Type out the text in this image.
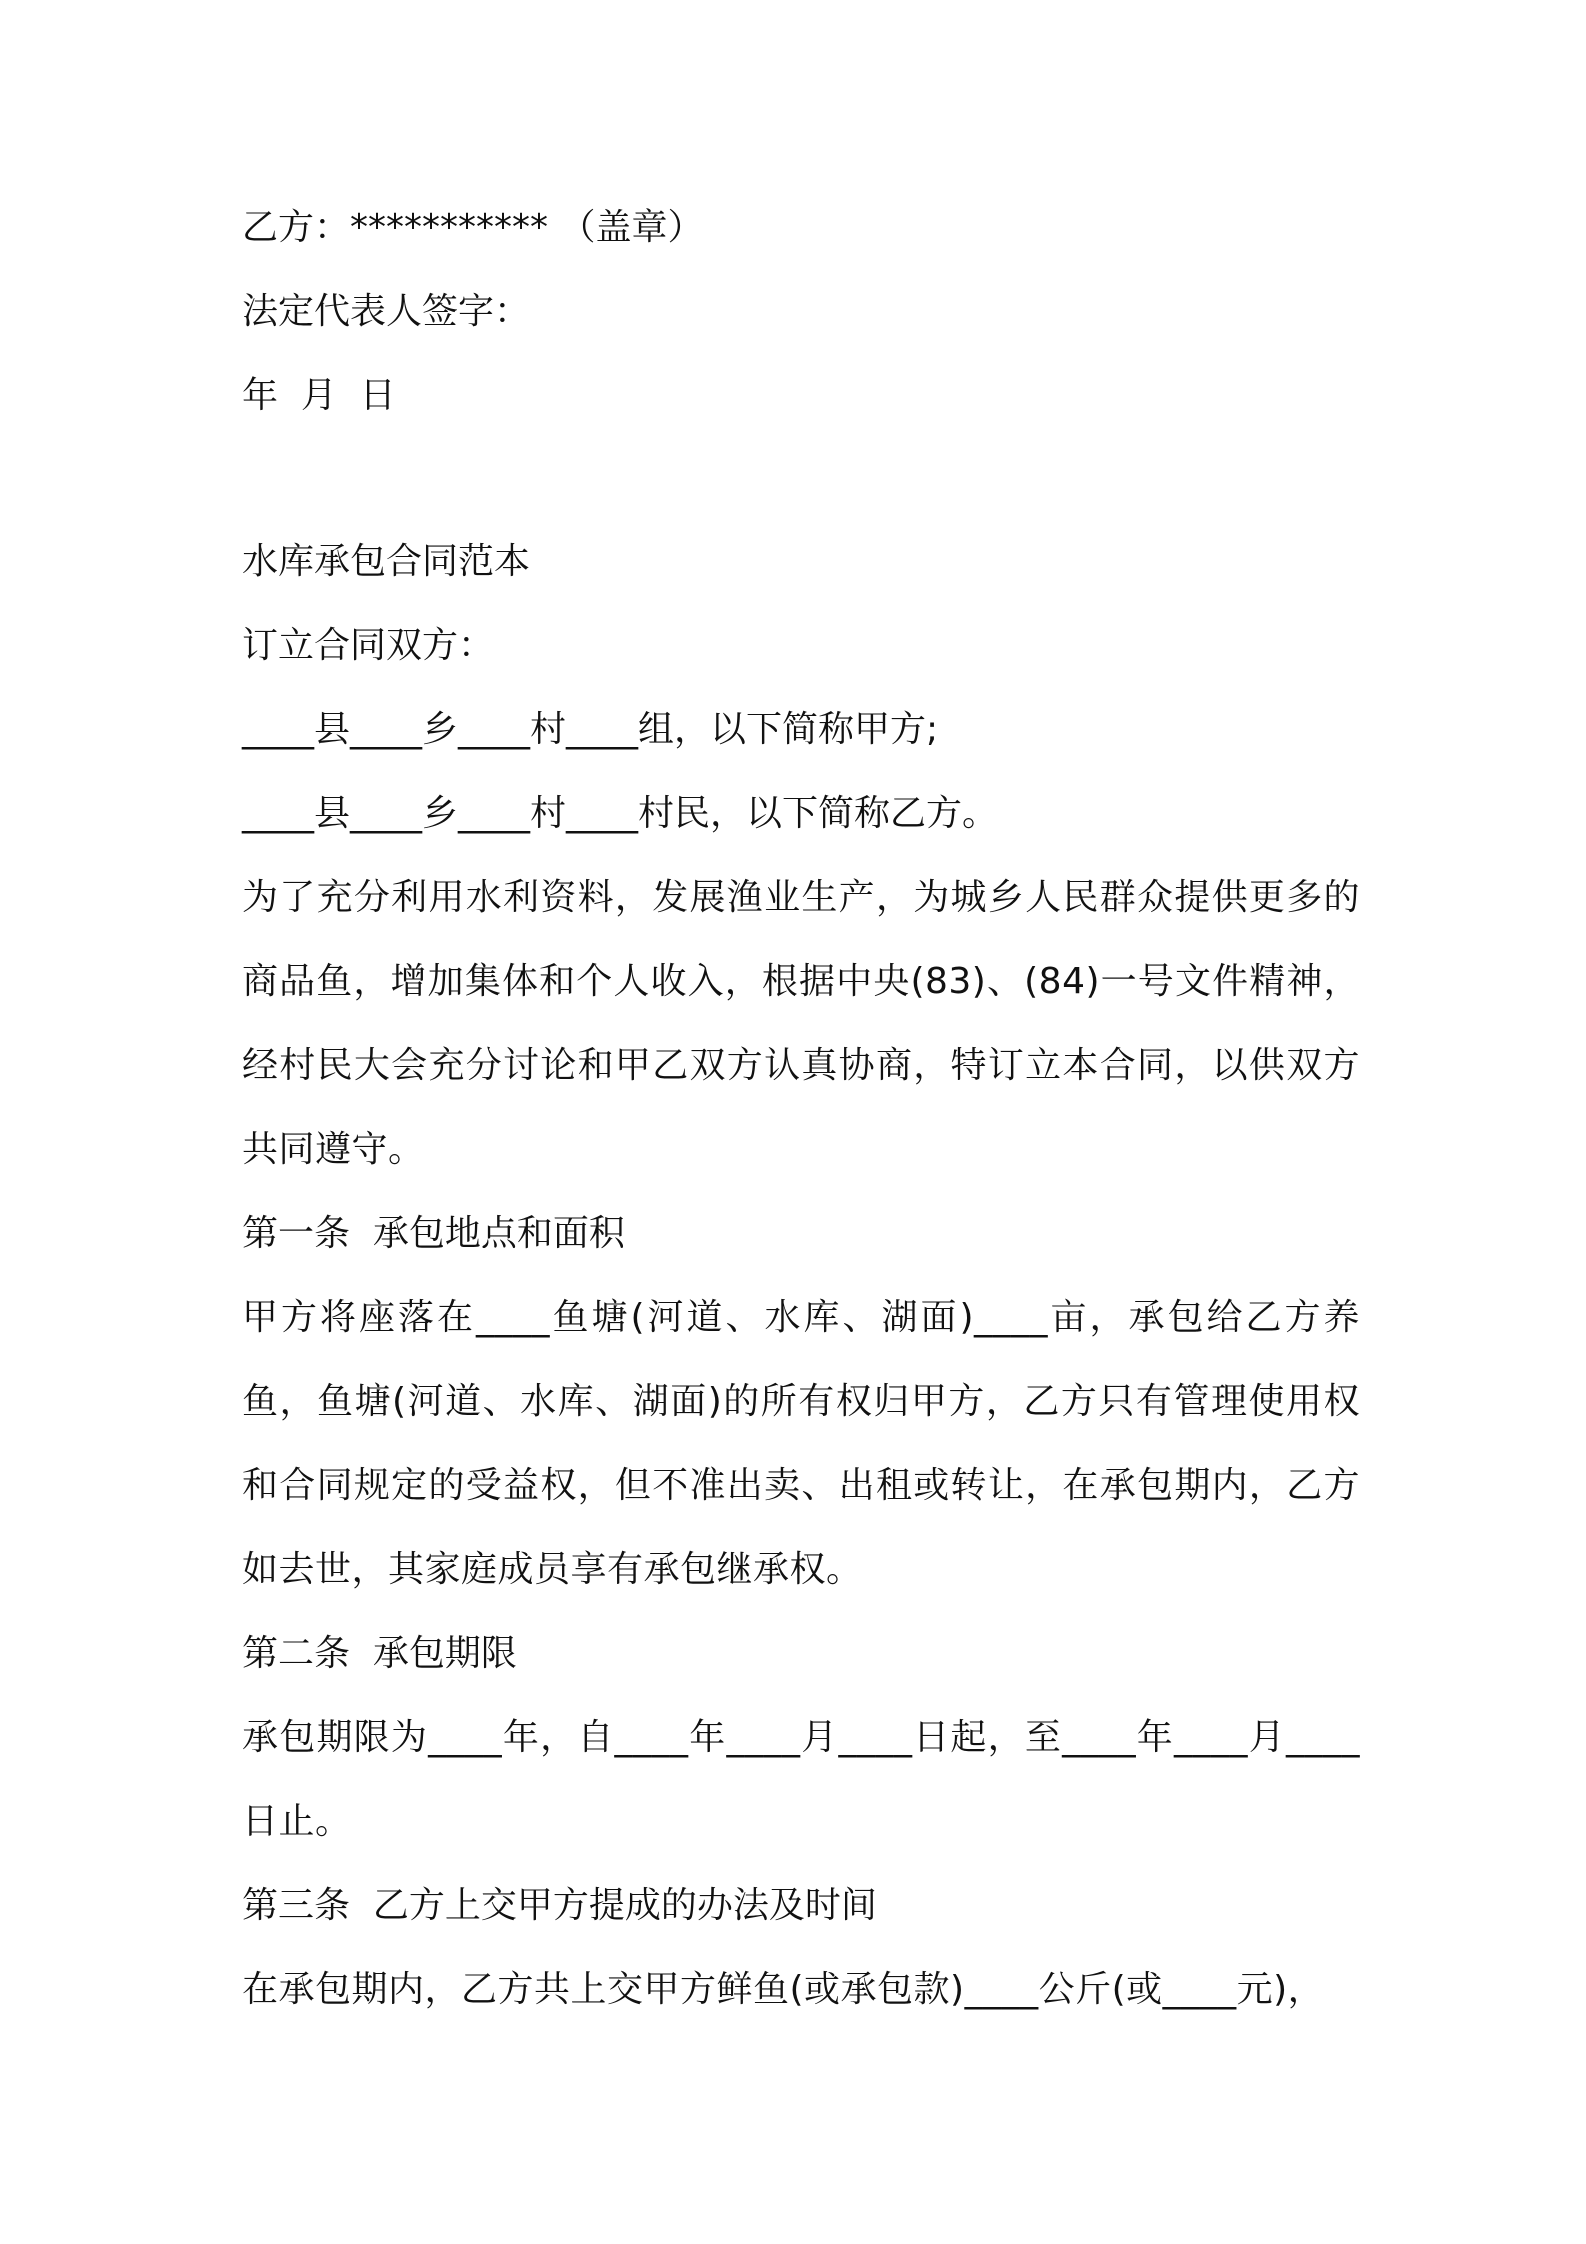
乙方：*********** （盖章）
法定代表人签字：
年  月  日
水库承包合同范本
订立合同双方：
____县____乡____村____组，以下简称甲方;
____县____乡____村____村民，以下简称乙方。

为了充分利用水利资料，发展渔业生产，为城乡人民群众提供更多的商品鱼，增加集体和个人收入，根据中央(83)、(84)一号文件精神，经村民大会充分讨论和甲乙双方认真协商，特订立本合同，以供双方共同遵守。

第一条  承包地点和面积

甲方将座落在____鱼塘(河道、水库、湖面)____亩，承包给乙方养鱼，鱼塘(河道、水库、湖面)的所有权归甲方，乙方只有管理使用权和合同规定的受益权，但不准出卖、出租或转让，在承包期内，乙方如去世，其家庭成员享有承包继承权。

第二条  承包期限

承包期限为____年，自____年____月____日起，至____年____月____日止。

第三条  乙方上交甲方提成的办法及时间

在承包期内，乙方共上交甲方鲜鱼(或承包款)____公斤(或____元)，
